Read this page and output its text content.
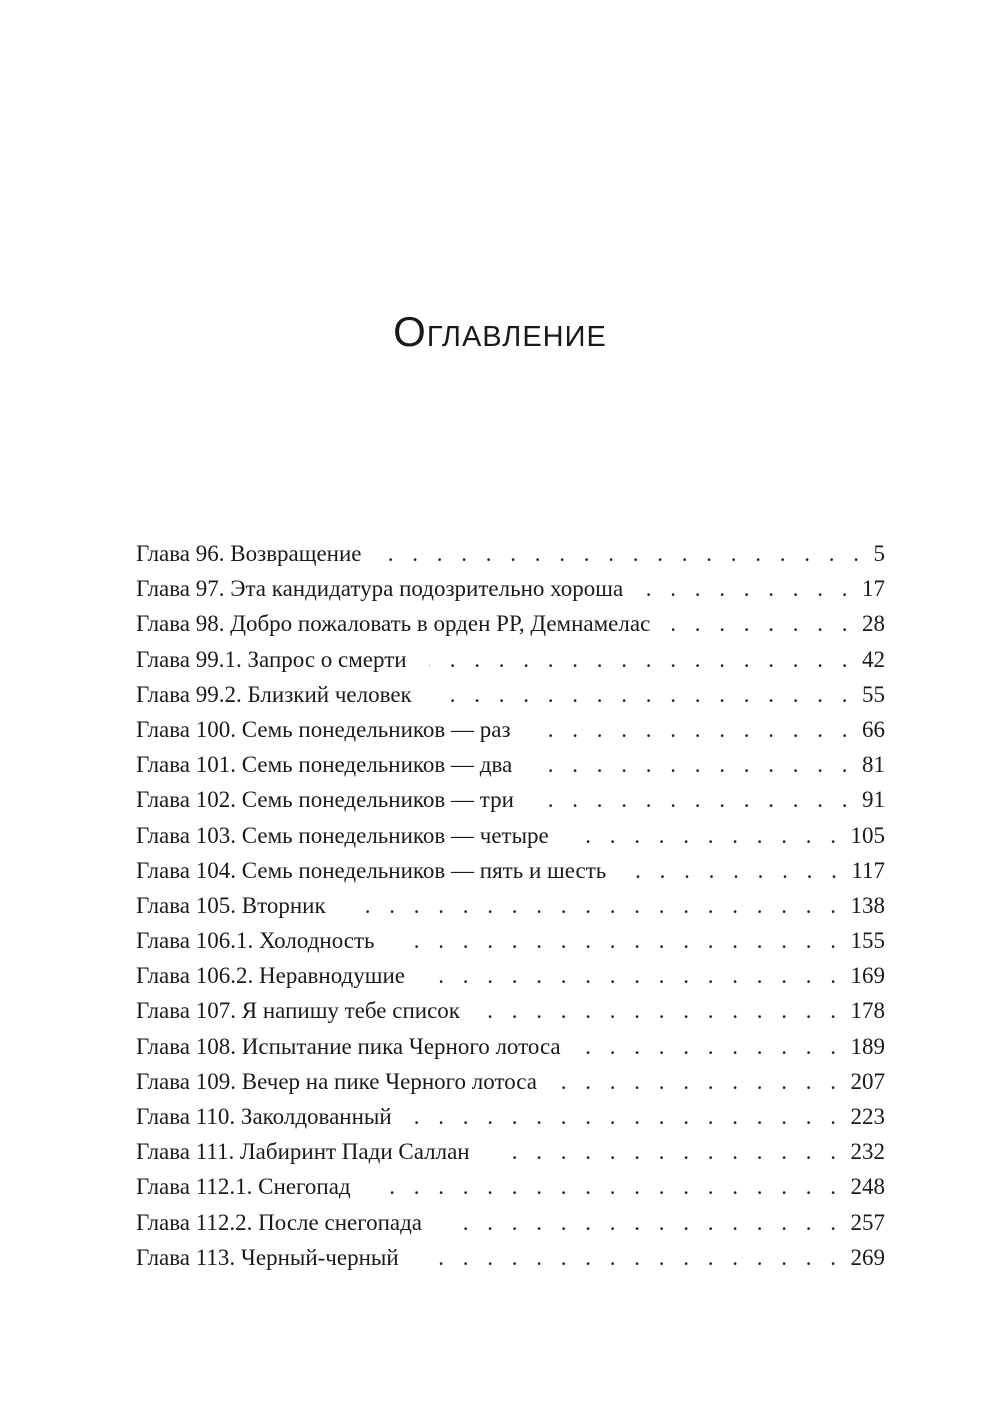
Оглавление
Глава 96. Возвращение . . .	5
Глава 97. Эта кандидатура подозрительно хороша . . .	17
Глава 98. Добро пожаловать в орден РР, Демнамелас . . .	28
Глава 99.1. Запрос о смерти . . .	42
Глава 99.2. Близкий человек . . .	55
Глава 100. Семь понедельников — раз . . .	66
Глава 101. Семь понедельников — два . . .	81
Глава 102. Семь понедельников — три . . .	91
Глава 103. Семь понедельников — четыре . . .	105
Глава 104. Семь понедельников — пять и шесть . . .	117
Глава 105. Вторник . . .	138
Глава 106.1. Холодность . . .	155
Глава 106.2. Неравнодушие . . .	169
Глава 107. Я напишу тебе список . . .	178
Глава 108. Испытание пика Черного лотоса . . .	189
Глава 109. Вечер на пике Черного лотоса . . .	207
Глава 110. Заколдованный . . .	223
Глава 111. Лабиринт Пади Саллан . . .	232
Глава 112.1. Снегопад . . .	248
Глава 112.2. После снегопада . . .	257
Глава 113. Черный-черный . . .	269
